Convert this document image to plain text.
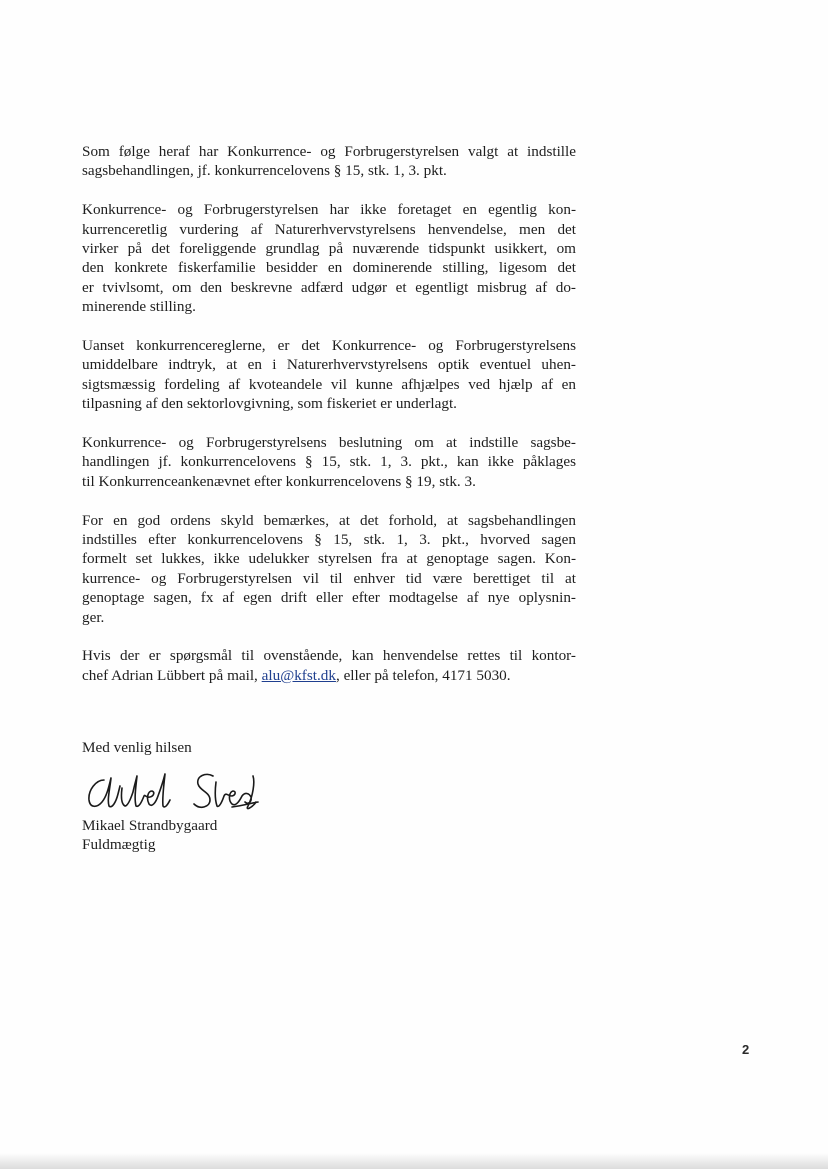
Som følge heraf har Konkurrence- og Forbrugerstyrelsen valgt at indstille
sagsbehandlingen, jf. konkurrencelovens § 15, stk. 1, 3. pkt.

Konkurrence- og Forbrugerstyrelsen har ikke foretaget en egentlig kon-
kurrenceretlig vurdering af Naturerhvervstyrelsens henvendelse, men det
virker på det foreliggende grundlag på nuværende tidspunkt usikkert, om
den konkrete fiskerfamilie besidder en dominerende stilling, ligesom det
er tvivlsomt, om den beskrevne adfærd udgør et egentligt misbrug af do-
minerende stilling.

Uanset konkurrencereglerne, er det Konkurrence- og Forbrugerstyrelsens
umiddelbare indtryk, at en i Naturerhvervstyrelsens optik eventuel uhen-
sigtsmæssig fordeling af kvoteandele vil kunne afhjælpes ved hjælp af en
tilpasning af den sektorlovgivning, som fiskeriet er underlagt.

Konkurrence- og Forbrugerstyrelsens beslutning om at indstille sagsbe-
handlingen jf. konkurrencelovens § 15, stk. 1, 3. pkt., kan ikke påklages
til Konkurrenceankenævnet efter konkurrencelovens § 19, stk. 3.

For en god ordens skyld bemærkes, at det forhold, at sagsbehandlingen
indstilles efter konkurrencelovens § 15, stk. 1, 3. pkt., hvorved sagen
formelt set lukkes, ikke udelukker styrelsen fra at genoptage sagen. Kon-
kurrence- og Forbrugerstyrelsen vil til enhver tid være berettiget til at
genoptage sagen, fx af egen drift eller efter modtagelse af nye oplysnin-
ger.

Hvis der er spørgsmål til ovenstående, kan henvendelse rettes til kontor-
chef Adrian Lübbert på mail, alu@kfst.dk, eller på telefon, 4171 5030.

Med venlig hilsen
Mikael Strandbygaard
Fuldmægtig
2
